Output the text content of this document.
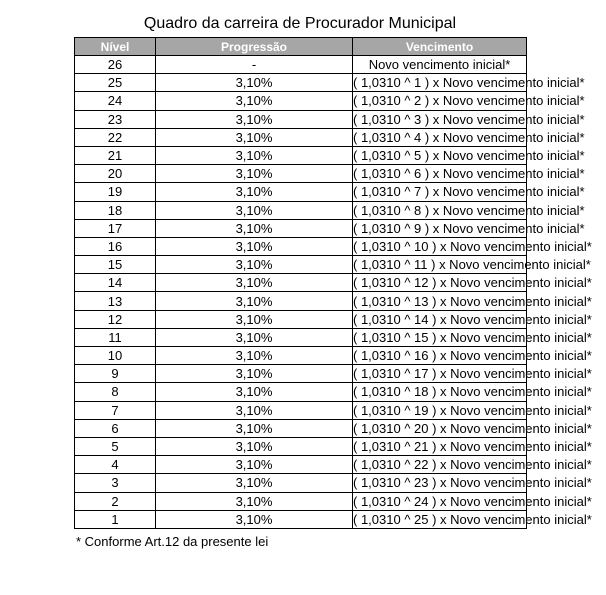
Quadro da carreira de Procurador Municipal
Nível	Progressão	Vencimento
26	-	Novo vencimento inicial*
25	3,10%	( 1,0310 ^ 1 ) x Novo vencimento inicial*
24	3,10%	( 1,0310 ^ 2 ) x Novo vencimento inicial*
23	3,10%	( 1,0310 ^ 3 ) x Novo vencimento inicial*
22	3,10%	( 1,0310 ^ 4 ) x Novo vencimento inicial*
21	3,10%	( 1,0310 ^ 5 ) x Novo vencimento inicial*
20	3,10%	( 1,0310 ^ 6 ) x Novo vencimento inicial*
19	3,10%	( 1,0310 ^ 7 ) x Novo vencimento inicial*
18	3,10%	( 1,0310 ^ 8 ) x Novo vencimento inicial*
17	3,10%	( 1,0310 ^ 9 ) x Novo vencimento inicial*
16	3,10%	( 1,0310 ^ 10 ) x Novo vencimento inicial*
15	3,10%	( 1,0310 ^ 11 ) x Novo vencimento inicial*
14	3,10%	( 1,0310 ^ 12 ) x Novo vencimento inicial*
13	3,10%	( 1,0310 ^ 13 ) x Novo vencimento inicial*
12	3,10%	( 1,0310 ^ 14 ) x Novo vencimento inicial*
11	3,10%	( 1,0310 ^ 15 ) x Novo vencimento inicial*
10	3,10%	( 1,0310 ^ 16 ) x Novo vencimento inicial*
9	3,10%	( 1,0310 ^ 17 ) x Novo vencimento inicial*
8	3,10%	( 1,0310 ^ 18 ) x Novo vencimento inicial*
7	3,10%	( 1,0310 ^ 19 ) x Novo vencimento inicial*
6	3,10%	( 1,0310 ^ 20 ) x Novo vencimento inicial*
5	3,10%	( 1,0310 ^ 21 ) x Novo vencimento inicial*
4	3,10%	( 1,0310 ^ 22 ) x Novo vencimento inicial*
3	3,10%	( 1,0310 ^ 23 ) x Novo vencimento inicial*
2	3,10%	( 1,0310 ^ 24 ) x Novo vencimento inicial*
1	3,10%	( 1,0310 ^ 25 ) x Novo vencimento inicial*
* Conforme Art.12 da presente lei
